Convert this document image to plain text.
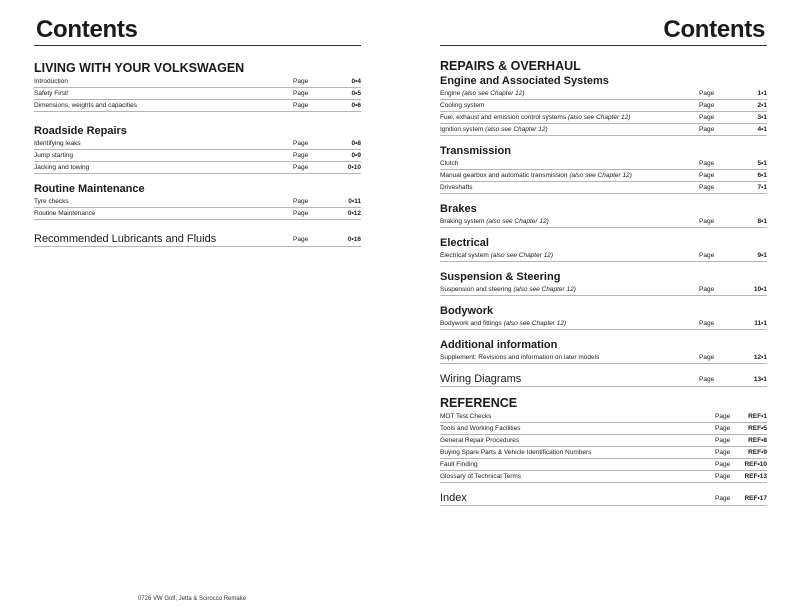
Contents
LIVING WITH YOUR VOLKSWAGEN
Introduction	Page	0•4
Safety First!	Page	0•5
Dimensions, weights and capacities	Page	0•6
Roadside Repairs
Identifying leaks	Page	0•8
Jump starting	Page	0•9
Jacking and towing	Page	0•10
Routine Maintenance
Tyre checks	Page	0•11
Routine Maintenance	Page	0•12
Recommended Lubricants and Fluids	Page	0•16
0726 VW Golf, Jetta & Scirocco Remake
Contents
REPAIRS & OVERHAUL
Engine and Associated Systems
Engine (also see Chapter 12)	Page	1•1
Cooling system	Page	2•1
Fuel, exhaust and emission control systems (also see Chapter 12)	Page	3•1
Ignition system (also see Chapter 12)	Page	4•1
Transmission
Clutch	Page	5•1
Manual gearbox and automatic transmission (also see Chapter 12)	Page	6•1
Driveshafts	Page	7•1
Brakes
Braking system (also see Chapter 12)	Page	8•1
Electrical
Electrical system (also see Chapter 12)	Page	9•1
Suspension & Steering
Suspension and steering (also see Chapter 12)	Page	10•1
Bodywork
Bodywork and fittings (also see Chapter 12)	Page	11•1
Additional information
Supplement: Revisions and information on later models	Page	12•1
Wiring Diagrams	Page	13•1
REFERENCE
MOT Test Checks	Page	REF•1
Tools and Working Facilities	Page	REF•5
General Repair Procedures	Page	REF•8
Buying Spare Parts & Vehicle Identification Numbers	Page	REF•9
Fault Finding	Page	REF•10
Glossary of Technical Terms	Page	REF•13
Index	Page	REF•17
